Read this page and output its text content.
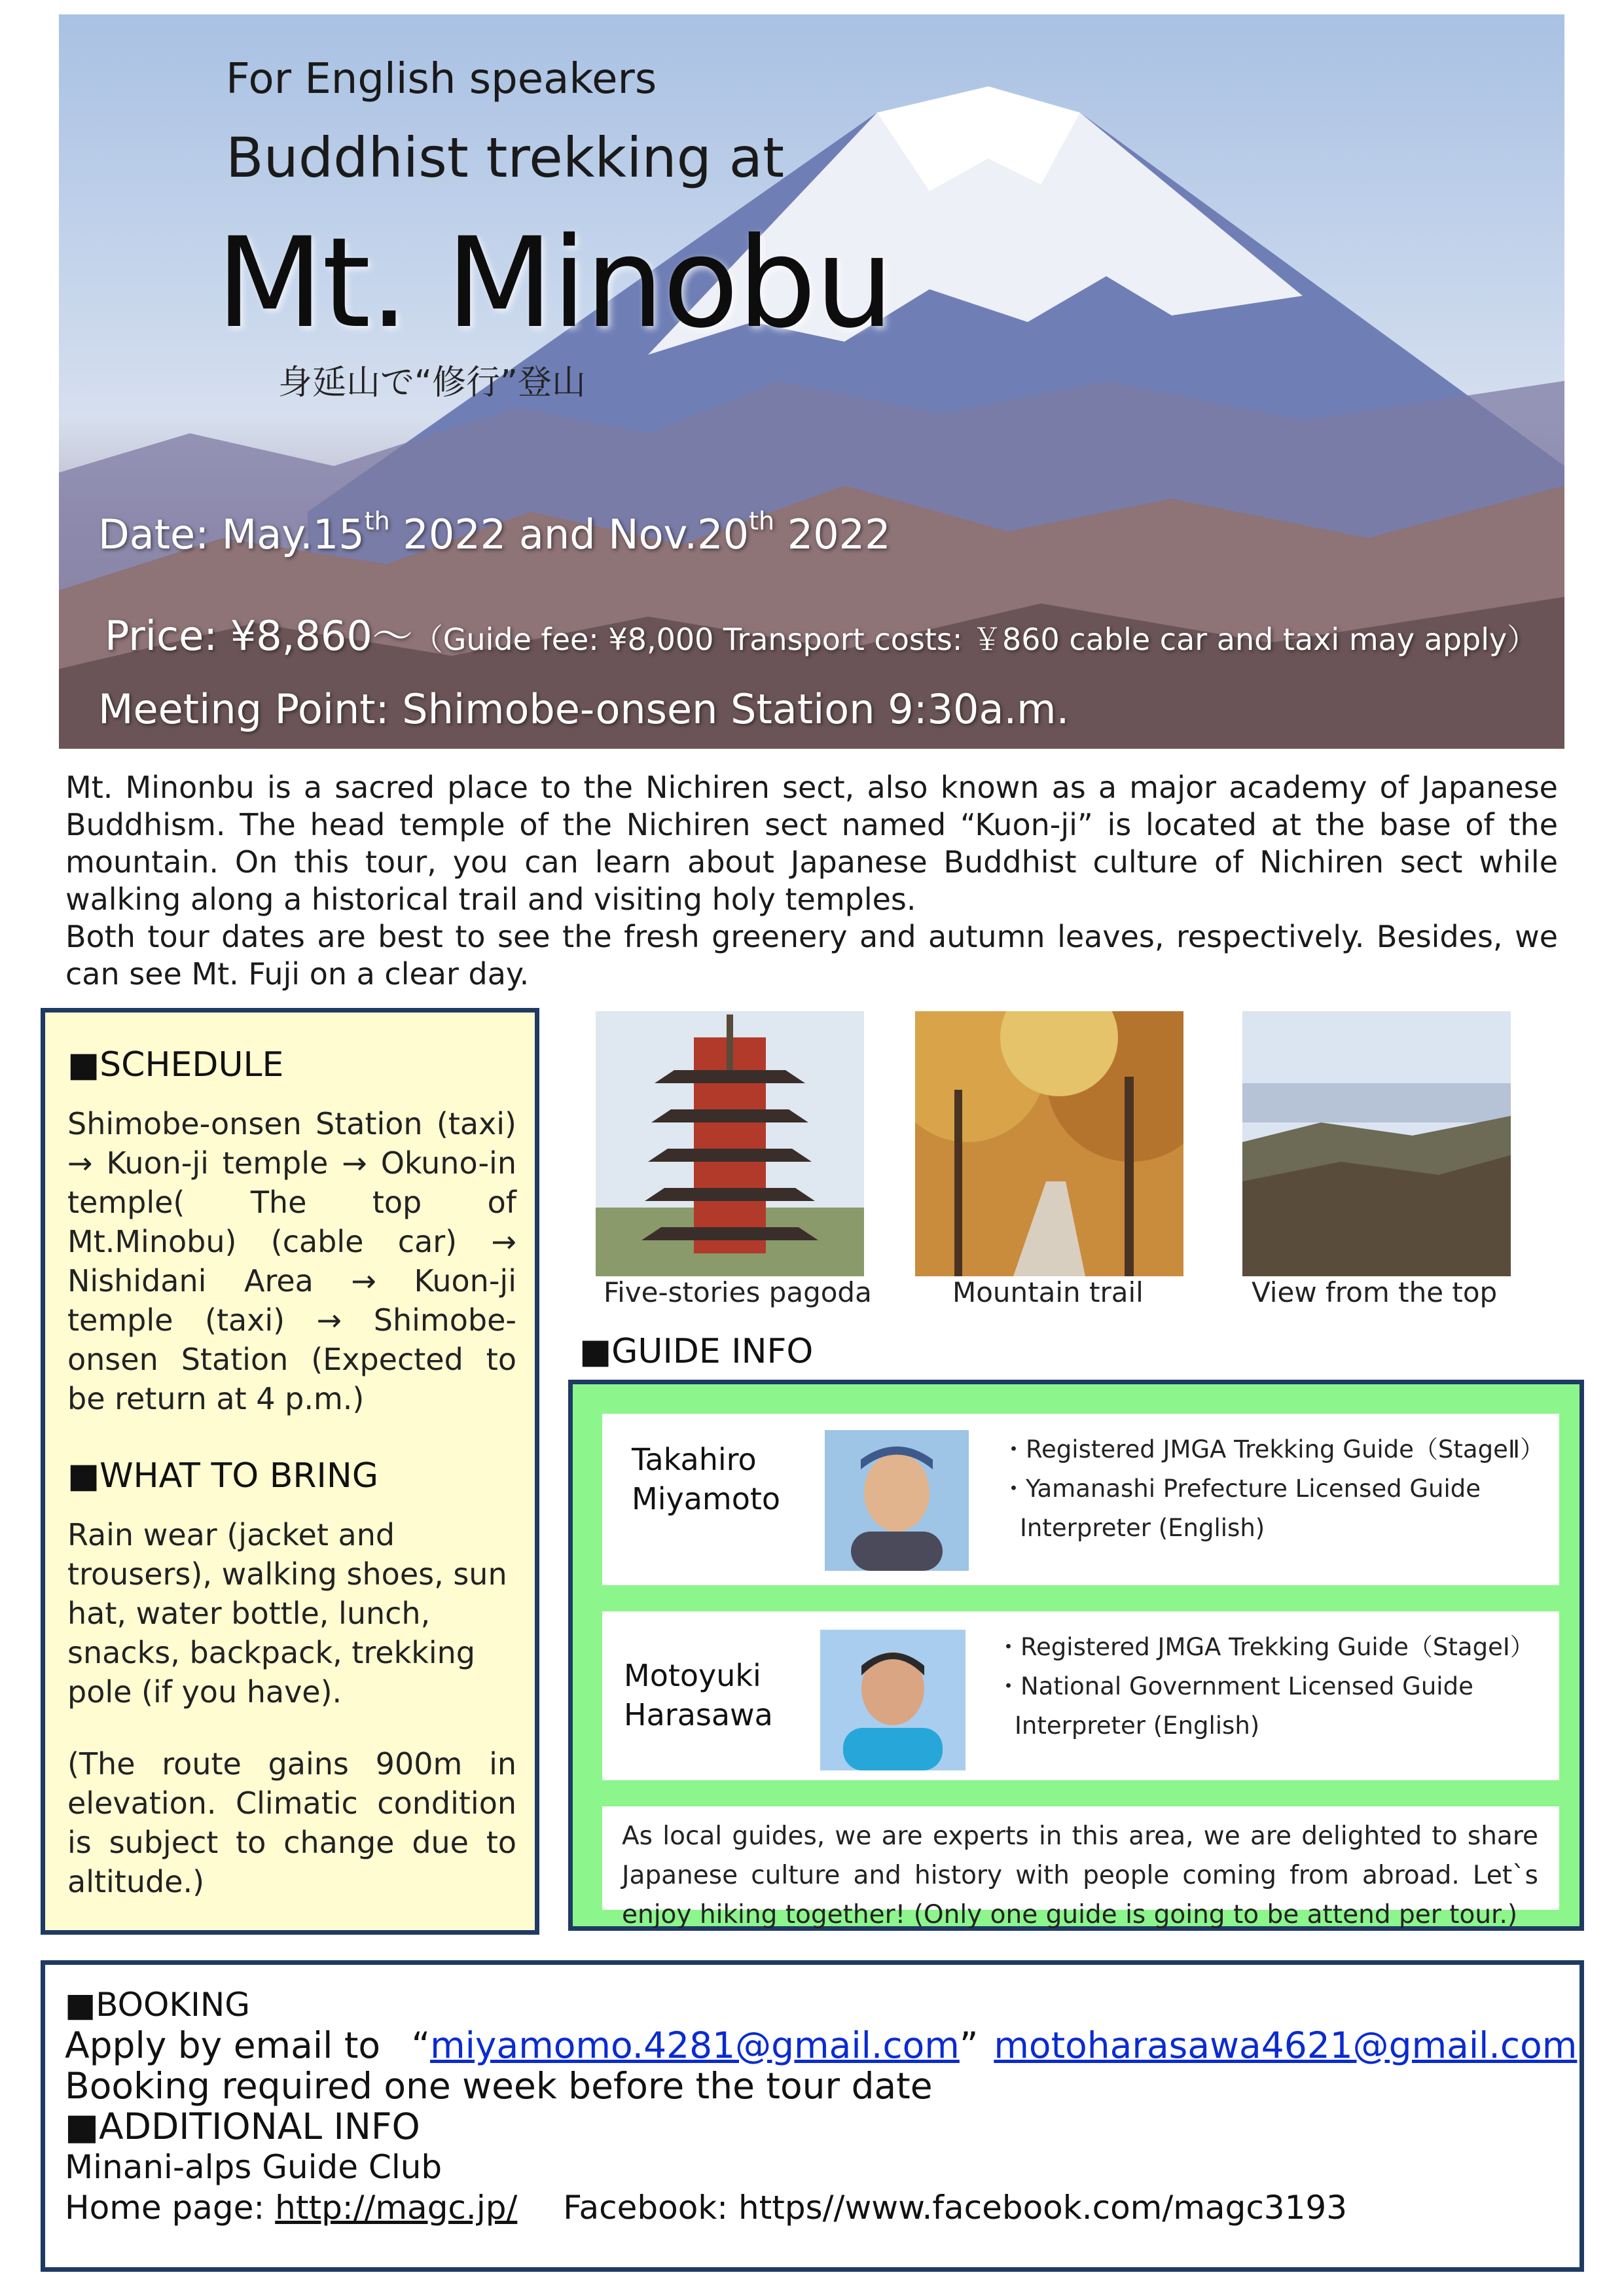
For English speakers
Buddhist trekking at
Mt. Minobu
身延山で“修行”登山
Date: May.15th 2022 and Nov.20th 2022
Price: ¥8,860～（Guide fee: ¥8,000 Transport costs: ￥860 cable car and taxi may apply）
Meeting Point: Shimobe-onsen Station 9:30a.m.

Mt. Minonbu is a sacred place to the Nichiren sect, also known as a major academy of Japanese Buddhism. The head temple of the Nichiren sect named “Kuon-ji” is located at the base of the mountain. On this tour, you can learn about Japanese Buddhist culture of Nichiren sect while walking along a historical trail and visiting holy temples.

Both tour dates are best to see the fresh greenery and autumn leaves, respectively. Besides, we can see Mt. Fuji on a clear day.

■SCHEDULE

Shimobe-onsen Station (taxi) → Kuon-ji temple → Okuno-in temple( The top of Mt.Minobu) (cable car) → Nishidani Area → Kuon-ji temple (taxi) → Shimobe-onsen Station (Expected to be return at 4 p.m.)

■WHAT TO BRING

Rain wear (jacket and trousers), walking shoes, sun hat, water bottle, lunch, snacks, backpack, trekking pole (if you have).

(The route gains 900m in elevation. Climatic condition is subject to change due to altitude.)

Five-stories pagoda	Mountain trail	View from the top
■GUIDE INFO
Takahiro
Miyamoto
・Registered JMGA Trekking Guide（StageⅡ）
・Yamanashi Prefecture Licensed Guide
Interpreter (English)
Motoyuki
Harasawa
・Registered JMGA Trekking Guide（StageⅠ）
・National Government Licensed Guide
Interpreter (English)
As local guides, we are experts in this area, we are delighted to share Japanese culture and history with people coming from abroad. Let`s enjoy hiking together! (Only one guide is going to be attend per tour.)

■BOOKING

Apply by email to “miyamomo.4281@gmail.com” motoharasawa4621@gmail.com

Booking required one week before the tour date

■ADDITIONAL INFO

Minani-alps Guide Club

Home page: http://magc.jp/ Facebook: https//www.facebook.com/magc3193
